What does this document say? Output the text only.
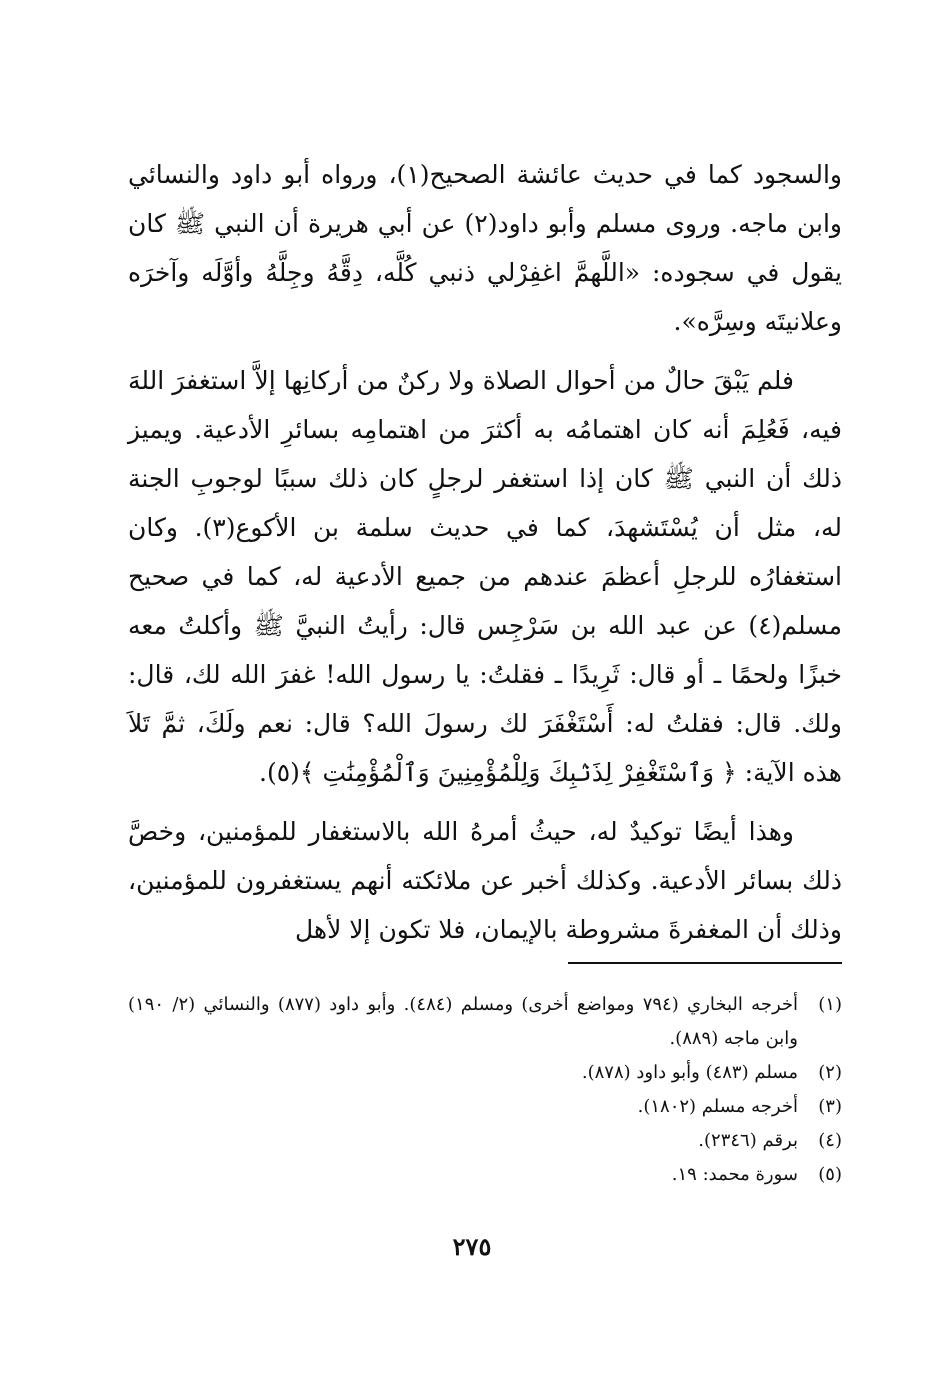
والسجود كما في حديث عائشة الصحيح(١)، ورواه أبو داود والنسائي وابن ماجه. وروى مسلم وأبو داود(٢) عن أبي هريرة أن النبي ﷺ كان يقول في سجوده: «اللَّهمَّ اغفِرْلي ذنبي كُلَّه، دِقَّهُ وجِلَّهُ وأوَّلَه وآخرَه وعلانيتَه وسِرَّه».

فلم يَبْقَ حالٌ من أحوال الصلاة ولا ركنٌ من أركانِها إلاَّ استغفرَ اللهَ فيه، فَعُلِمَ أنه كان اهتمامُه به أكثرَ من اهتمامِه بسائرِ الأدعية. ويميز ذلك أن النبي ﷺ كان إذا استغفر لرجلٍ كان ذلك سببًا لوجوبِ الجنة له، مثل أن يُسْتَشهدَ، كما في حديث سلمة بن الأكوع(٣). وكان استغفارُه للرجلِ أعظمَ عندهم من جميع الأدعية له، كما في صحيح مسلم(٤) عن عبد الله بن سَرْجِس قال: رأيتُ النبيَّ ﷺ وأكلتُ معه خبزًا ولحمًا ـ أو قال: ثَرِيدًا ـ فقلتُ: يا رسول الله! غفرَ الله لك، قال: ولك. قال: فقلتُ له: أَسْتَغْفَرَ لك رسولَ الله؟ قال: نعم ولَكَ، ثمَّ تَلاَ هذه الآية: ﴿ وَٱسْتَغْفِرْ لِذَنۢبِكَ وَلِلْمُؤْمِنِينَ وَٱلْمُؤْمِنَٰتِ ﴾(٥).

وهذا أيضًا توكيدٌ له، حيثُ أمرهُ الله بالاستغفار للمؤمنين، وخصَّ ذلك بسائر الأدعية. وكذلك أخبر عن ملائكته أنهم يستغفرون للمؤمنين، وذلك أن المغفرةَ مشروطة بالإيمان، فلا تكون إلا لأهل

(١)
أخرجه البخاري (٧٩٤ ومواضع أخرى) ومسلم (٤٨٤). وأبو داود (٨٧٧) والنسائي (٢/ ١٩٠) وابن ماجه (٨٨٩).
(٢)
مسلم (٤٨٣) وأبو داود (٨٧٨).
(٣)
أخرجه مسلم (١٨٠٢).
(٤)
برقم (٢٣٤٦).
(٥)
سورة محمد: ١٩.
٢٧٥
